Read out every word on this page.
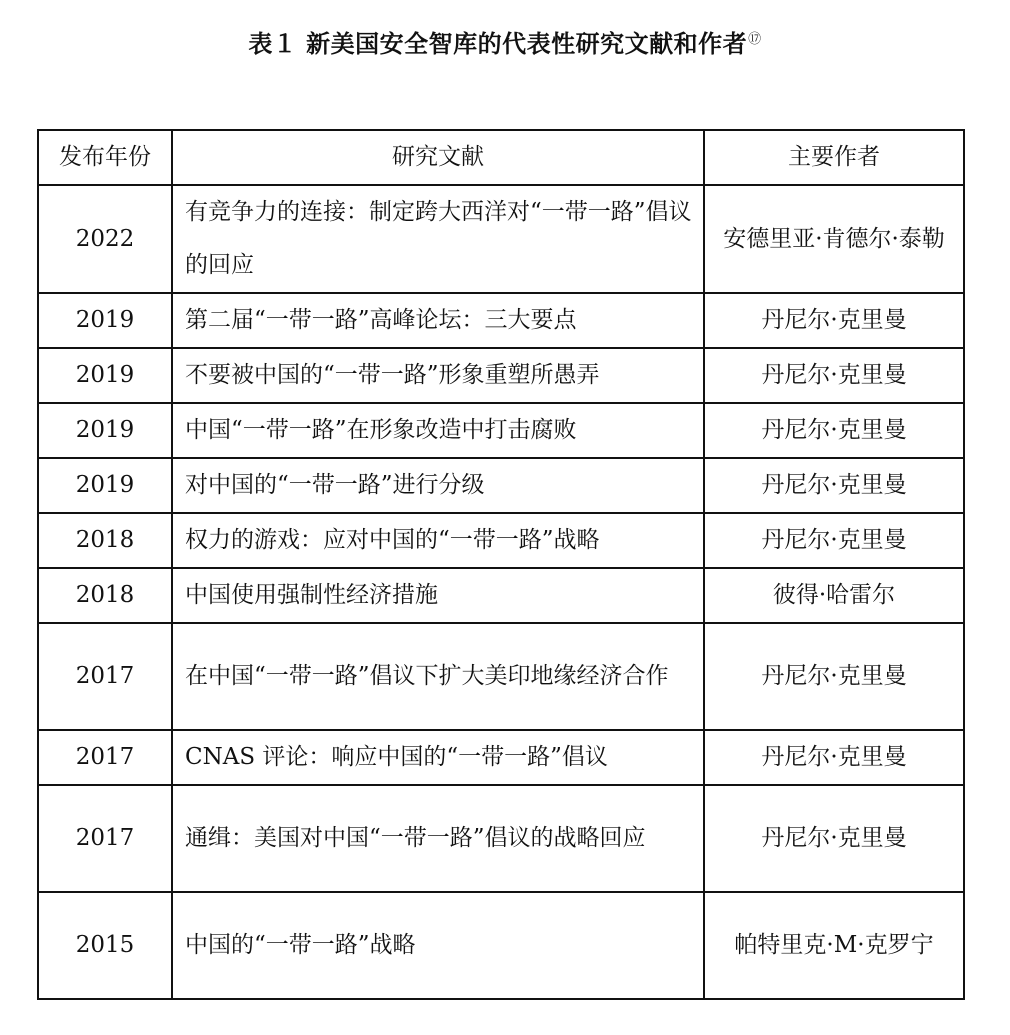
表１ 新美国安全智库的代表性研究文献和作者⑰
发布年份	研究文献	主要作者
2022	有竞争力的连接：制定跨大西洋对“一带一路”倡议的回应	安德里亚·肯德尔·泰勒
2019	第二届“一带一路”高峰论坛：三大要点	丹尼尔·克里曼
2019	不要被中国的“一带一路”形象重塑所愚弄	丹尼尔·克里曼
2019	中国“一带一路”在形象改造中打击腐败	丹尼尔·克里曼
2019	对中国的“一带一路”进行分级	丹尼尔·克里曼
2018	权力的游戏：应对中国的“一带一路”战略	丹尼尔·克里曼
2018	中国使用强制性经济措施	彼得·哈雷尔
2017	在中国“一带一路”倡议下扩大美印地缘经济合作	丹尼尔·克里曼
2017	CNAS 评论：响应中国的“一带一路”倡议	丹尼尔·克里曼
2017	通缉：美国对中国“一带一路”倡议的战略回应	丹尼尔·克里曼
2015	中国的“一带一路”战略	帕特里克·M·克罗宁
